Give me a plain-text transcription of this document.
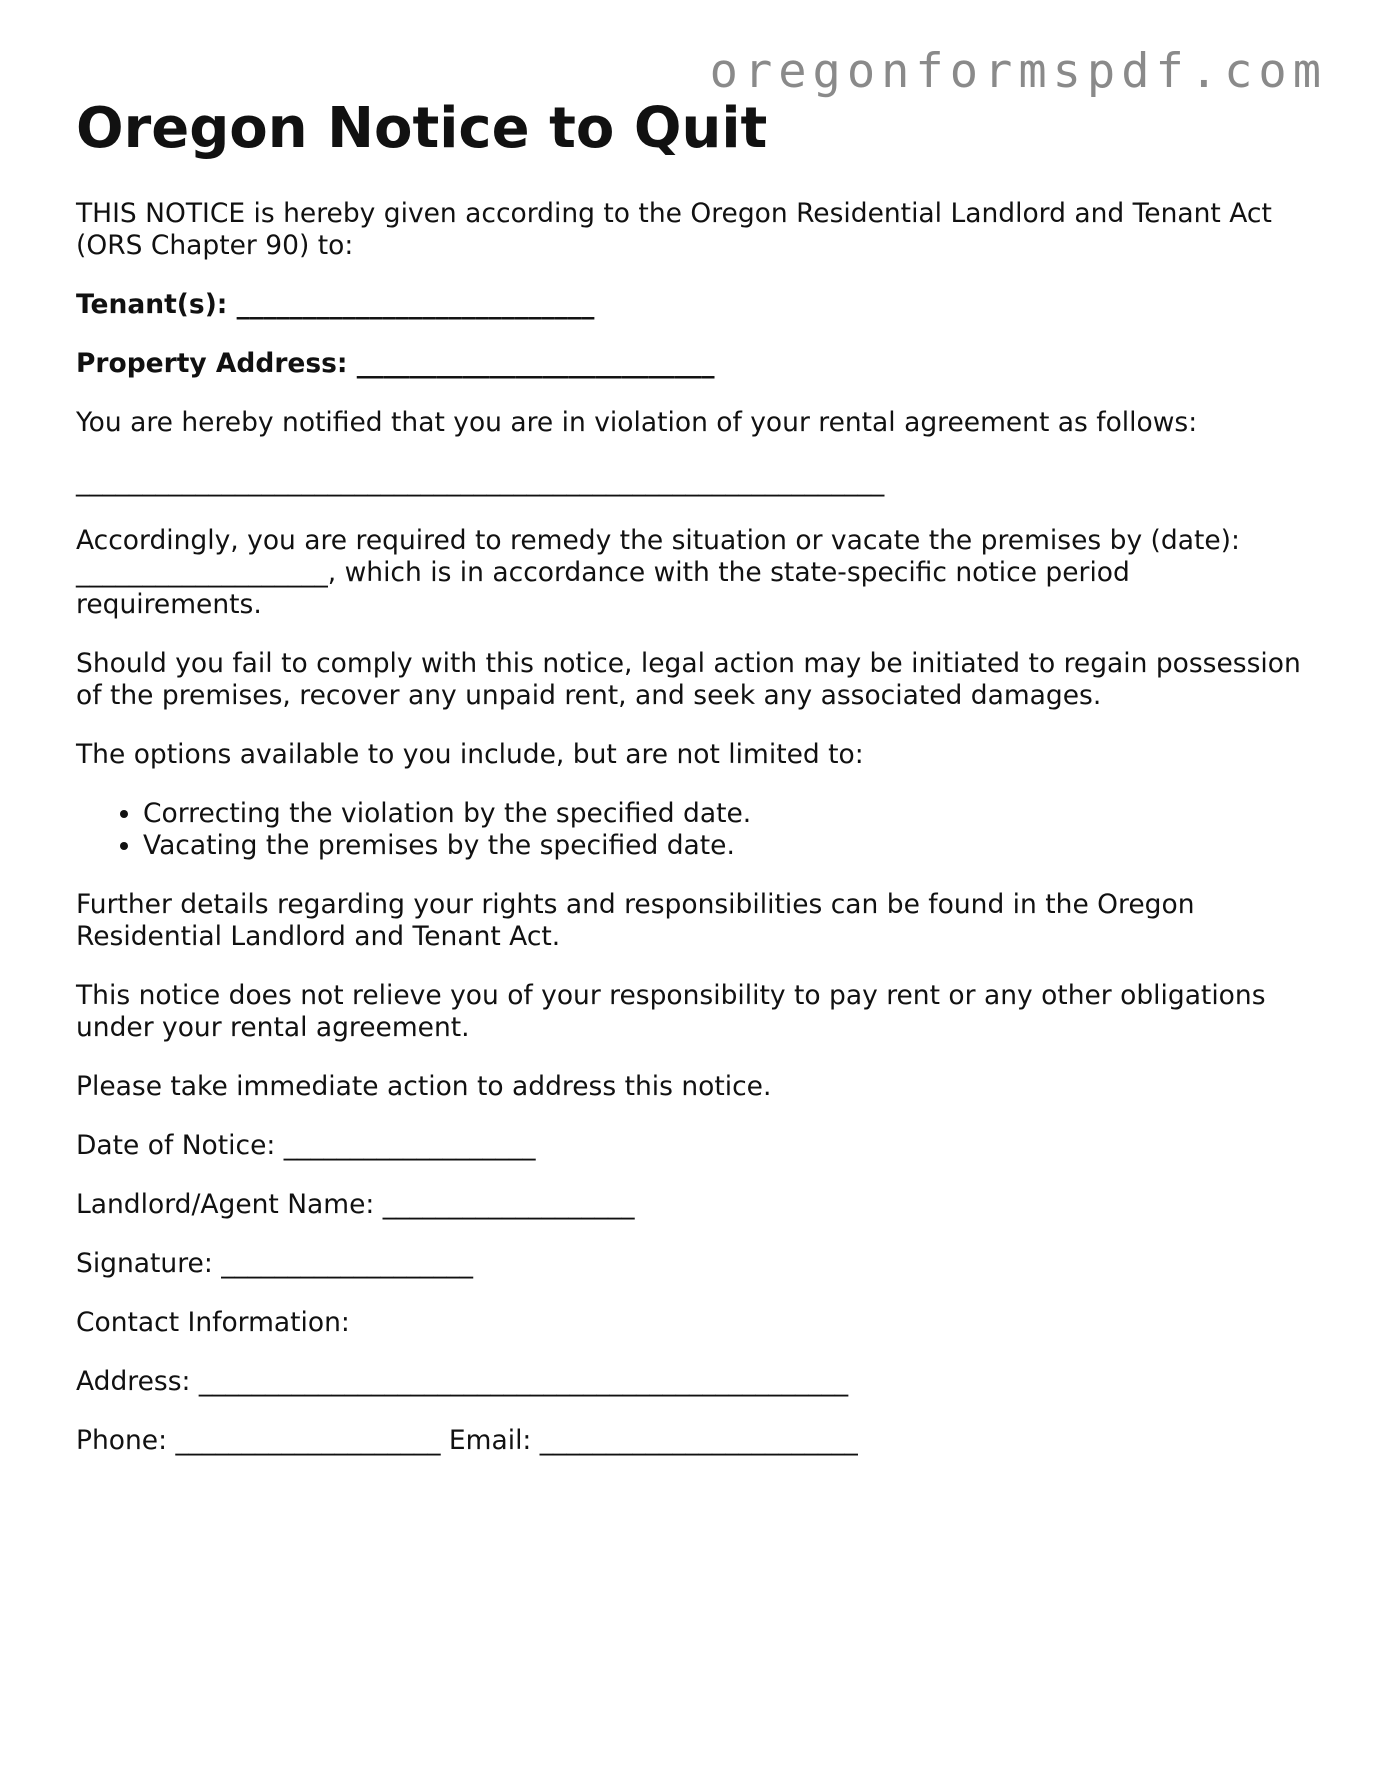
oregonformspdf.com
Oregon Notice to Quit

THIS NOTICE is hereby given according to the Oregon Residential Landlord and Tenant Act (ORS Chapter 90) to:

Tenant(s): ___________________________

Property Address: ___________________________

You are hereby notified that you are in violation of your rental agreement as follows:

_____________________________________________________________

Accordingly, you are required to remedy the situation or vacate the premises by (date): ___________________, which is in accordance with the state-specific notice period requirements.

Should you fail to comply with this notice, legal action may be initiated to regain possession of the premises, recover any unpaid rent, and seek any associated damages.

The options available to you include, but are not limited to:

• Correcting the violation by the specified date.
• Vacating the premises by the specified date.

Further details regarding your rights and responsibilities can be found in the Oregon Residential Landlord and Tenant Act.

This notice does not relieve you of your responsibility to pay rent or any other obligations under your rental agreement.

Please take immediate action to address this notice.

Date of Notice: ___________________

Landlord/Agent Name: ___________________

Signature: ___________________

Contact Information:

Address: _________________________________________________

Phone: ____________________ Email: ________________________
